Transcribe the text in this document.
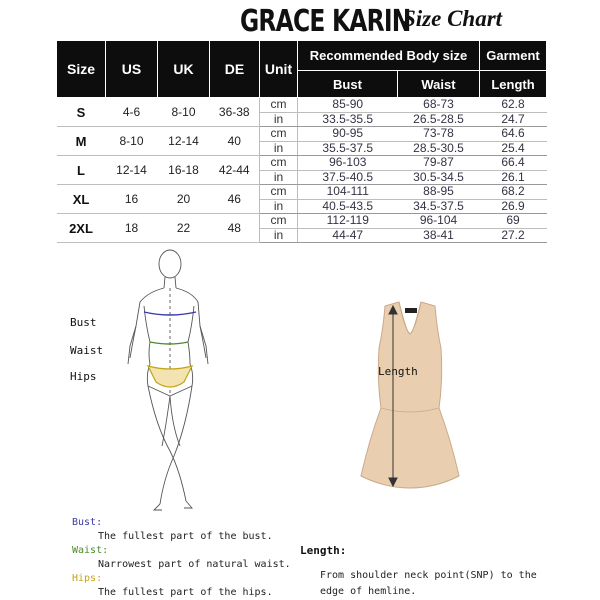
GRACE KARIN
Size Chart
Size	US	UK	DE	Unit	Recommended Body size		Garment
					Bust	Waist	Length
S	4-6	8-10	36-38	cm	85-90	68-73	62.8
				in	33.5-35.5	26.5-28.5	24.7
M	8-10	12-14	40	cm	90-95	73-78	64.6
				in	35.5-37.5	28.5-30.5	25.4
L	12-14	16-18	42-44	cm	96-103	79-87	66.4
				in	37.5-40.5	30.5-34.5	26.1
XL	16	20	46	cm	104-111	88-95	68.2
				in	40.5-43.5	34.5-37.5	26.9
2XL	18	22	48	cm	112-119	96-104	69
				in	44-47	38-41	27.2
Bust
Waist
Hips	Length
Bust:
The fullest part of the bust.
Waist:
Narrowest part of natural waist.
Hips:
The fullest part of the hips.
Length:
From shoulder neck point(SNP) to the edge of hemline.
